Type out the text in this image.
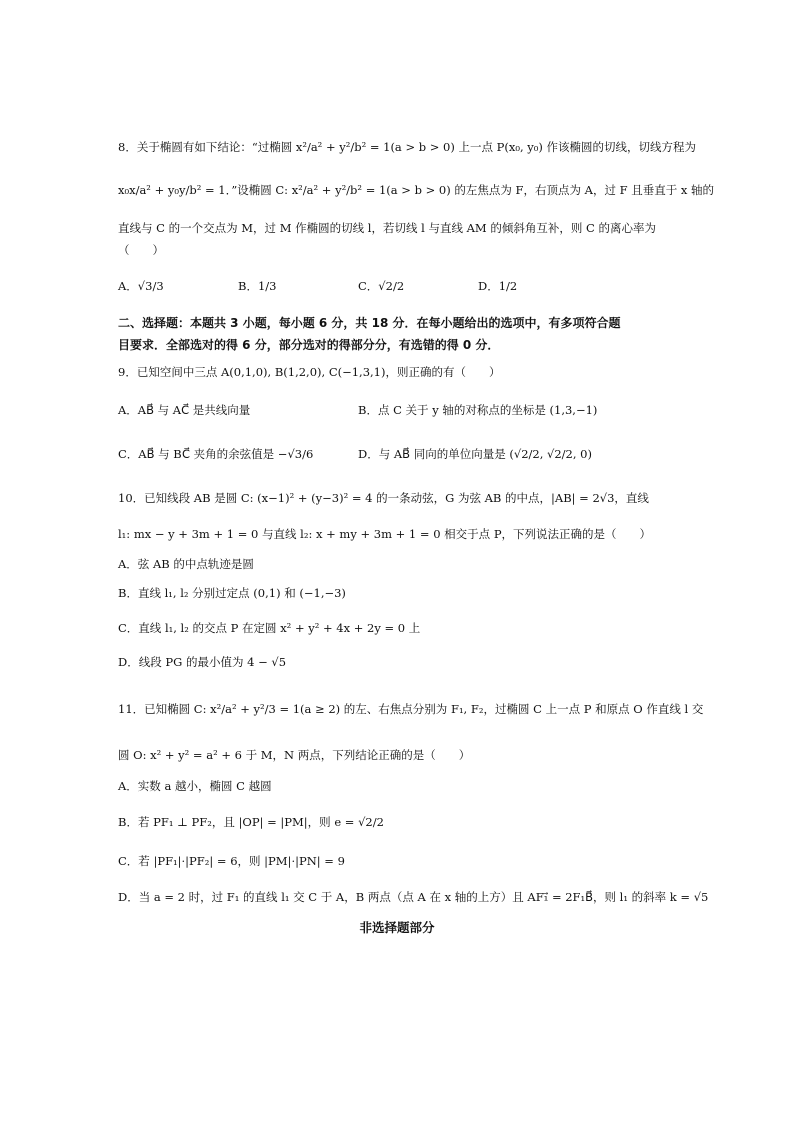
8．关于椭圆有如下结论：“过椭圆 x²/a² + y²/b² = 1(a > b > 0) 上一点 P(x₀, y₀) 作该椭圆的切线，切线方程为
x₀x/a² + y₀y/b² = 1．”设椭圆 C: x²/a² + y²/b² = 1(a > b > 0) 的左焦点为 F，右顶点为 A，过 F 且垂直于 x 轴的
直线与 C 的一个交点为 M，过 M 作椭圆的切线 l，若切线 l 与直线 AM 的倾斜角互补，则 C 的离心率为
（　　）
A．√3/3	B．1/3	C．√2/2	D．1/2
二、选择题：本题共 3 小题，每小题 6 分，共 18 分．在每小题给出的选项中，有多项符合题
目要求．全部选对的得 6 分，部分选对的得部分分，有选错的得 0 分．
9．已知空间中三点 A(0,1,0), B(1,2,0), C(−1,3,1)，则正确的有（　　）
A．AB⃗ 与 AC⃗ 是共线向量	B．点 C 关于 y 轴的对称点的坐标是 (1,3,−1)
C．AB⃗ 与 BC⃗ 夹角的余弦值是 −√3/6	D．与 AB⃗ 同向的单位向量是 (√2/2, √2/2, 0)
10．已知线段 AB 是圆 C: (x−1)² + (y−3)² = 4 的一条动弦，G 为弦 AB 的中点，|AB| = 2√3，直线
l₁: mx − y + 3m + 1 = 0 与直线 l₂: x + my + 3m + 1 = 0 相交于点 P，下列说法正确的是（　　）
A．弦 AB 的中点轨迹是圆
B．直线 l₁, l₂ 分别过定点 (0,1) 和 (−1,−3)
C．直线 l₁, l₂ 的交点 P 在定圆 x² + y² + 4x + 2y = 0 上
D．线段 PG 的最小值为 4 − √5
11．已知椭圆 C: x²/a² + y²/3 = 1(a ≥ 2) 的左、右焦点分别为 F₁, F₂，过椭圆 C 上一点 P 和原点 O 作直线 l 交
圆 O: x² + y² = a² + 6 于 M，N 两点，下列结论正确的是（　　）
A．实数 a 越小，椭圆 C 越圆
B．若 PF₁ ⊥ PF₂，且 |OP| = |PM|，则 e = √2/2
C．若 |PF₁|·|PF₂| = 6，则 |PM|·|PN| = 9
D．当 a = 2 时，过 F₁ 的直线 l₁ 交 C 于 A，B 两点（点 A 在 x 轴的上方）且 AF₁⃗ = 2F₁B⃗，则 l₁ 的斜率 k = √5
非选择题部分
